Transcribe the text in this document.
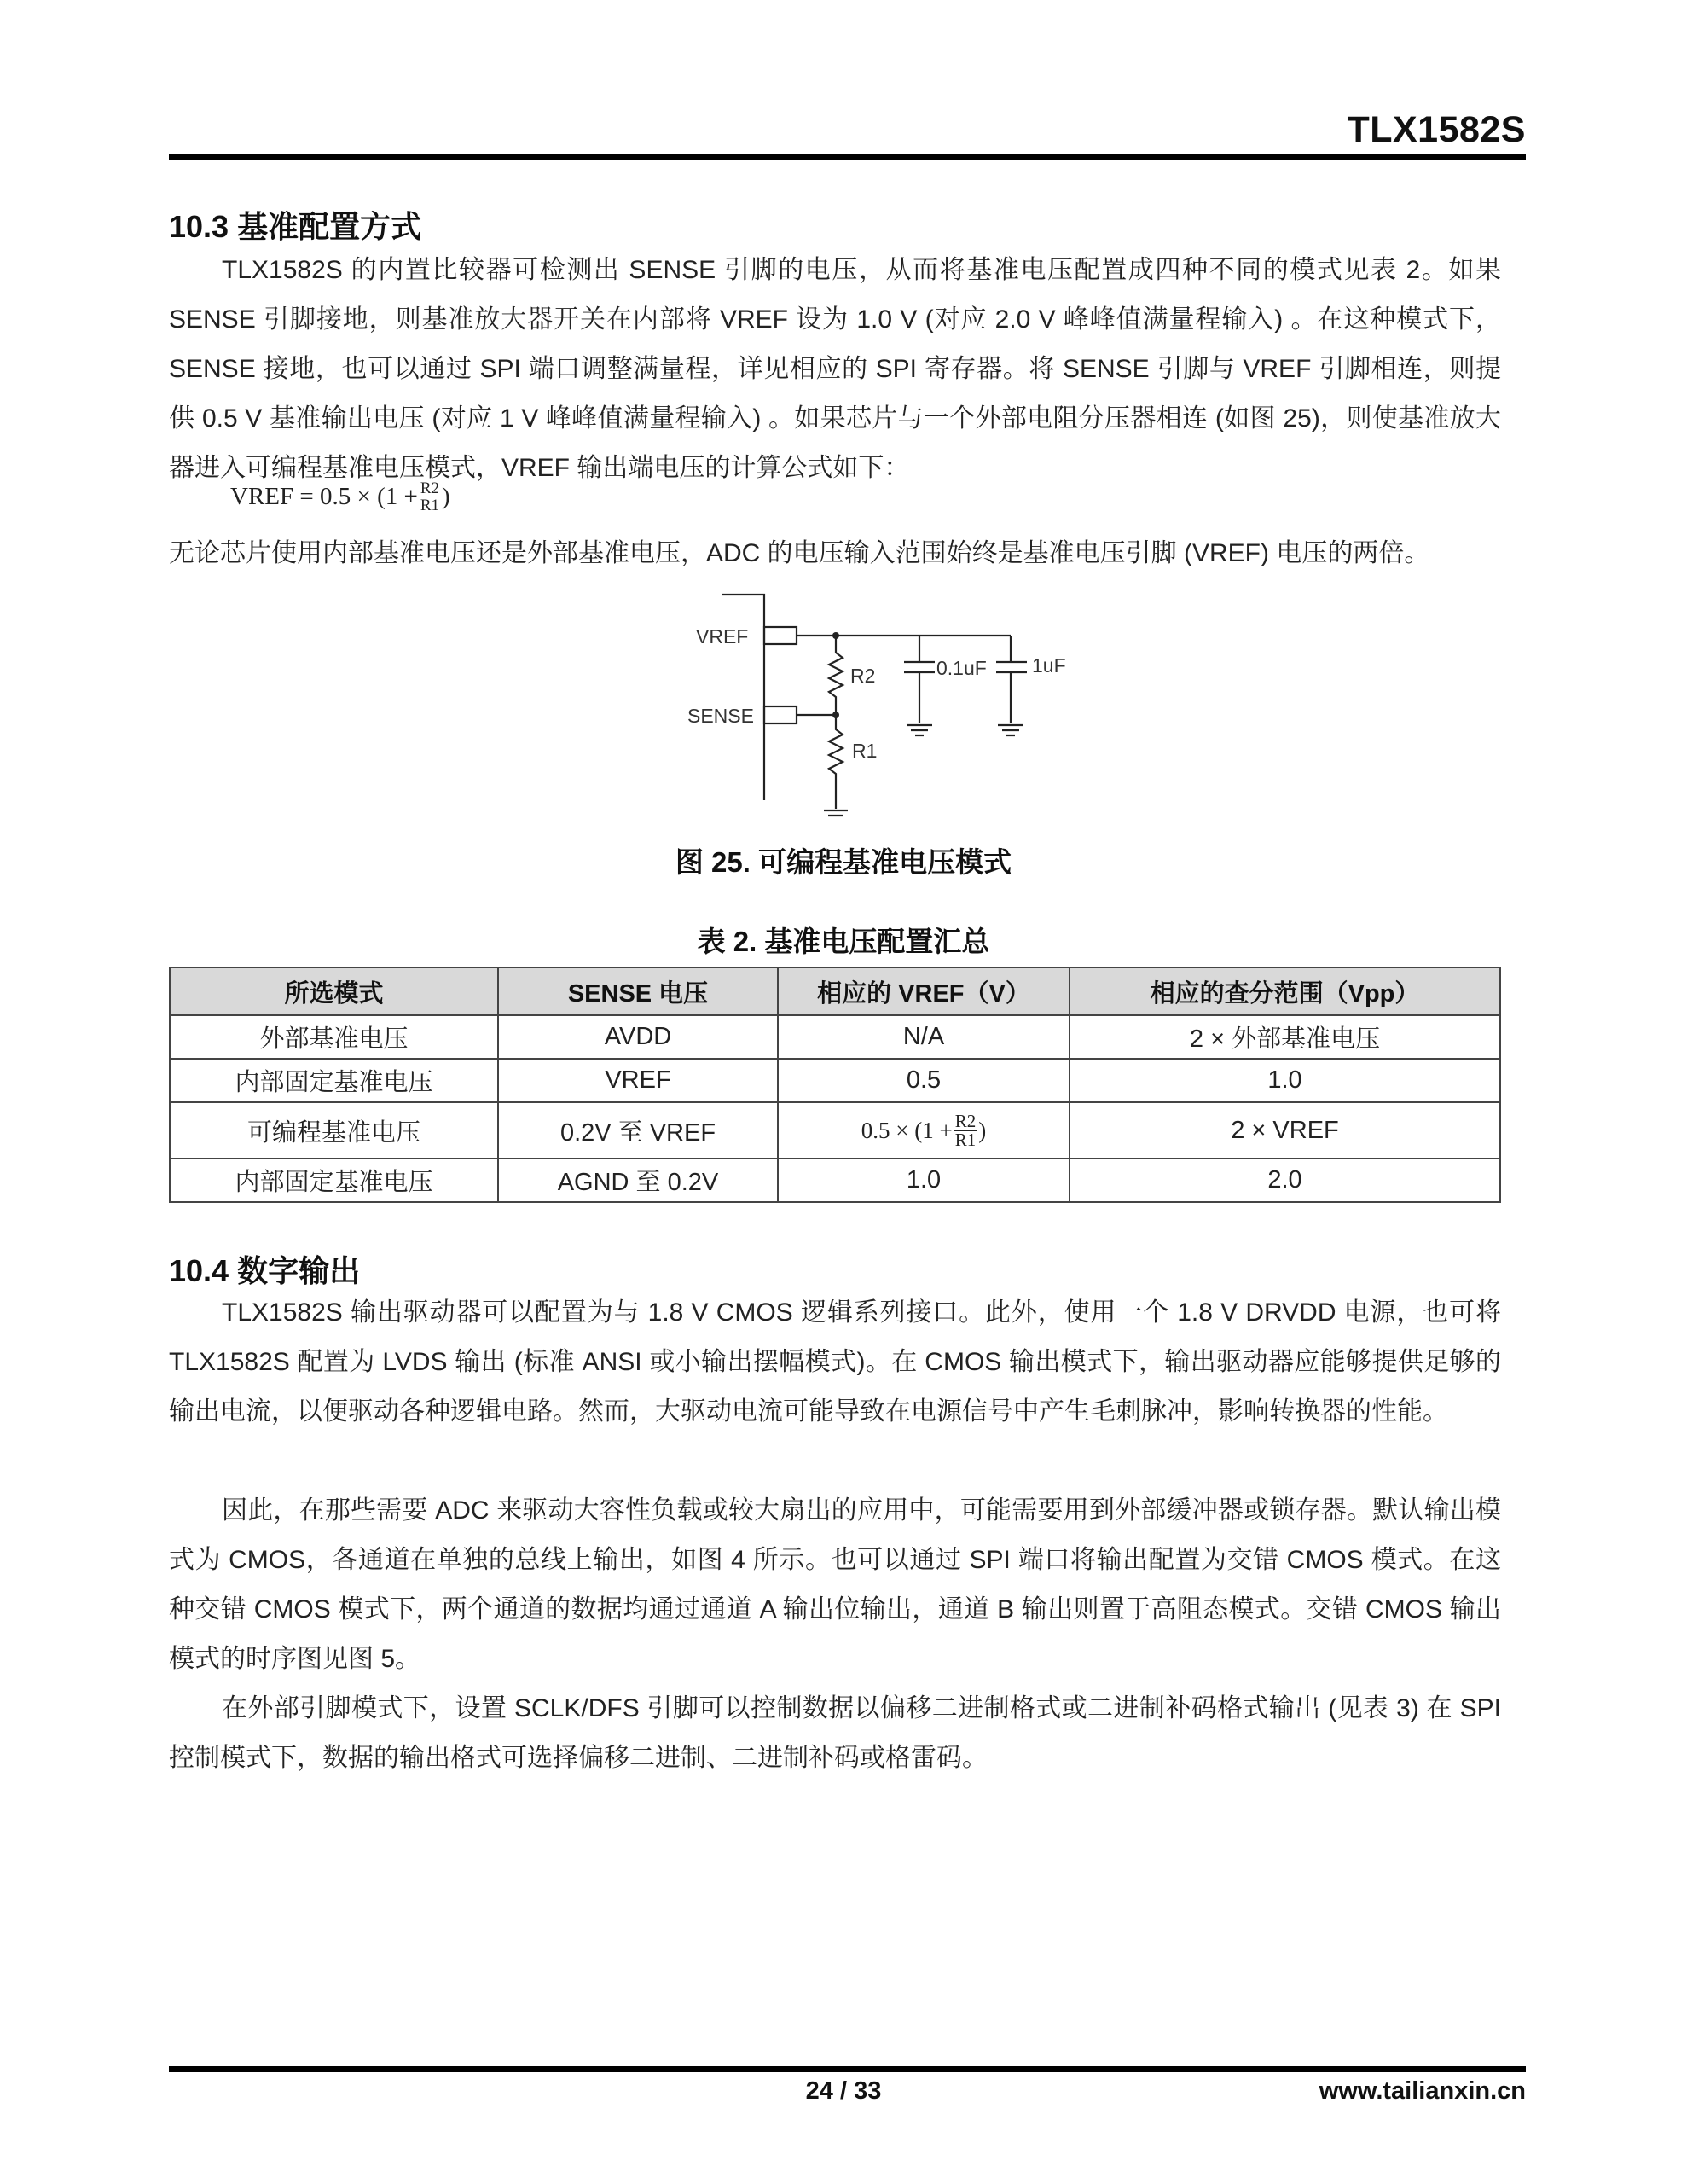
TLX1582S
10.3 基准配置方式
TLX1582S 的内置比较器可检测出 SENSE 引脚的电压，从而将基准电压配置成四种不同的模式见表 2。如果 SENSE 引脚接地，则基准放大器开关在内部将 VREF 设为 1.0 V (对应 2.0 V 峰峰值满量程输入) 。在这种模式下，SENSE 接地，也可以通过 SPI 端口调整满量程，详见相应的 SPI 寄存器。将 SENSE 引脚与 VREF 引脚相连，则提供 0.5 V 基准输出电压 (对应 1 V 峰峰值满量程输入) 。如果芯片与一个外部电阻分压器相连 (如图 25)，则使基准放大器进入可编程基准电压模式，VREF 输出端电压的计算公式如下：
VREF = $0.5 \times (1 + \frac{R2}{R1}$ )
无论芯片使用内部基准电压还是外部基准电压，ADC 的电压输入范围始终是基准电压引脚 (VREF) 电压的两倍。
VREF
SENSE
R2
R1
0.1uF 1uF
图 25. 可编程基准电压模式
表 2. 基准电压配置汇总
所选模式	SENSE 电压	相应的 VREF（V）	相应的查分范围（Vpp）
外部基准电压	AVDD	N/A	2 × 外部基准电压
内部固定基准电压	VREF	0.5	1.0
可编程基准电压	0.2V 至 VREF	$0.5 \times (1 + \frac{R2}{R1}$ )	2 × VREF
内部固定基准电压	AGND 至 0.2V	1.0	2.0
10.4 数字输出
TLX1582S 输出驱动器可以配置为与 1.8 V CMOS 逻辑系列接口。此外，使用一个 1.8 V DRVDD 电源，也可将 TLX1582S 配置为 LVDS 输出 (标准 ANSI 或小输出摆幅模式)。在 CMOS 输出模式下，输出驱动器应能够提供足够的输出电流，以便驱动各种逻辑电路。然而，大驱动电流可能导致在电源信号中产生毛刺脉冲，影响转换器的性能。
因此，在那些需要 ADC 来驱动大容性负载或较大扇出的应用中，可能需要用到外部缓冲器或锁存器。默认输出模式为 CMOS，各通道在单独的总线上输出，如图 4 所示。也可以通过 SPI 端口将输出配置为交错 CMOS 模式。在这种交错 CMOS 模式下，两个通道的数据均通过通道 A 输出位输出，通道 B 输出则置于高阻态模式。交错 CMOS 输出模式的时序图见图 5。
在外部引脚模式下，设置 SCLK/DFS 引脚可以控制数据以偏移二进制格式或二进制补码格式输出 (见表 3) 在 SPI 控制模式下，数据的输出格式可选择偏移二进制、二进制补码或格雷码。
24 / 33	www.tailianxin.cn
